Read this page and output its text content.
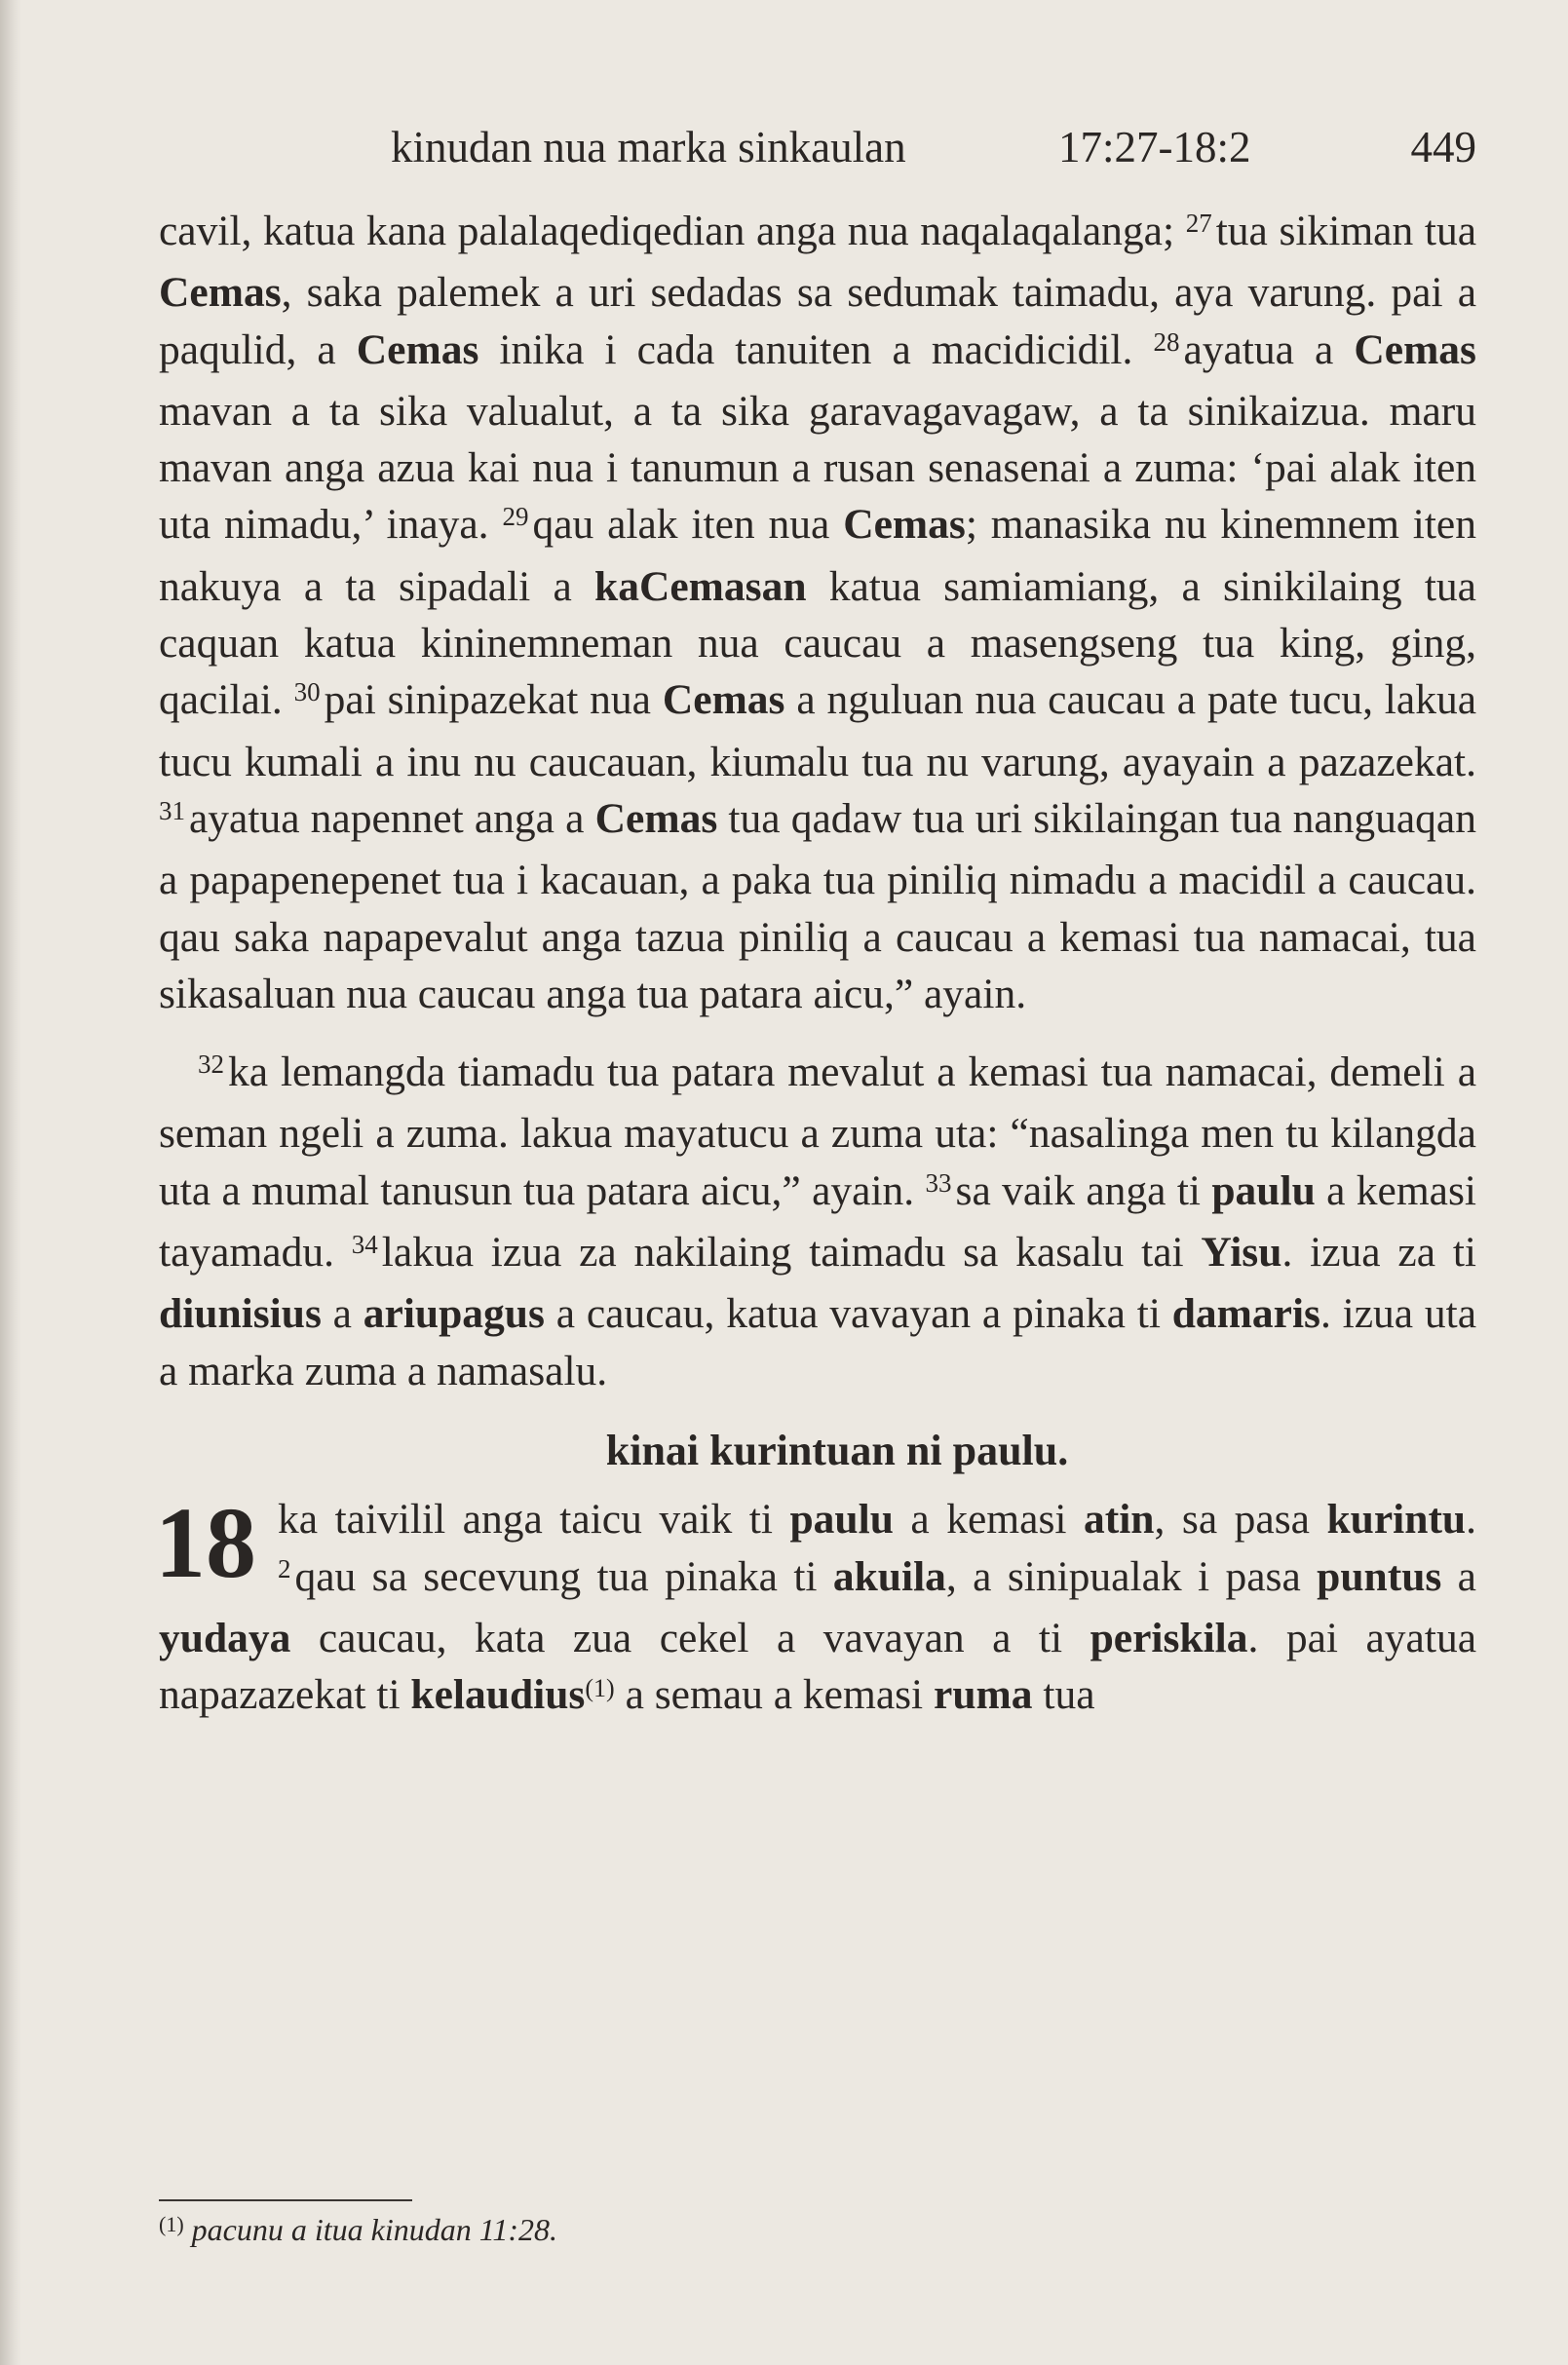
kinudan nua marka sinkaulan	17:27-18:2	449

cavil, katua kana palalaqediqedian anga nua naqalaqalanga; $^{27}$tua sikiman tua Cemas, saka palemek a uri sedadas sa sedumak taimadu, aya varung. pai a paqulid, a Cemas inika i cada tanuiten a macidicidil. $^{28}$ayatua a Cemas mavan a ta sika valualut, a ta sika garavagavagaw, a ta sinikaizua. maru mavan anga azua kai nua i tanumun a rusan senasenai a zuma: ‘pai alak iten uta nimadu,’ inaya. $^{29}$qau alak iten nua Cemas; manasika nu kinemnem iten nakuya a ta sipadali a kaCemasan katua samiamiang, a sinikilaing tua caquan katua kininemneman nua caucau a masengseng tua king, ging, qacilai. $^{30}$pai sinipazekat nua Cemas a nguluan nua caucau a pate tucu, lakua tucu kumali a inu nu caucauan, kiumalu tua nu varung, ayayain a pazazekat. $^{31}$ayatua napennet anga a Cemas tua qadaw tua uri sikilaingan tua nanguaqan a papapenepenet tua i kacauan, a paka tua piniliq nimadu a macidil a caucau. qau saka napapevalut anga tazua piniliq a caucau a kemasi tua namacai, tua sikasaluan nua caucau anga tua patara aicu,” ayain.

$^{32}$ka lemangda tiamadu tua patara mevalut a kemasi tua namacai, demeli a seman ngeli a zuma. lakua mayatucu a zuma uta: “nasalinga men tu kilangda uta a mumal tanusun tua patara aicu,” ayain. $^{33}$sa vaik anga ti paulu a kemasi tayamadu. $^{34}$lakua izua za nakilaing taimadu sa kasalu tai Yisu. izua za ti diunisius a ariupagus a caucau, katua vavayan a pinaka ti damaris. izua uta a marka zuma a namasalu.

kinai kurintuan ni paulu.

18 ka taivilil anga taicu vaik ti paulu a kemasi atin, sa pasa kurintu. $^2$qau sa secevung tua pinaka ti akuila, a sinipualak i pasa puntus a yudaya caucau, kata zua cekel a vavayan a ti periskila. pai ayatua napazazekat ti kelaudius$^{(1)}$ a semau a kemasi ruma tua

$^{(1)}$ pacunu a itua kinudan 11:28.
